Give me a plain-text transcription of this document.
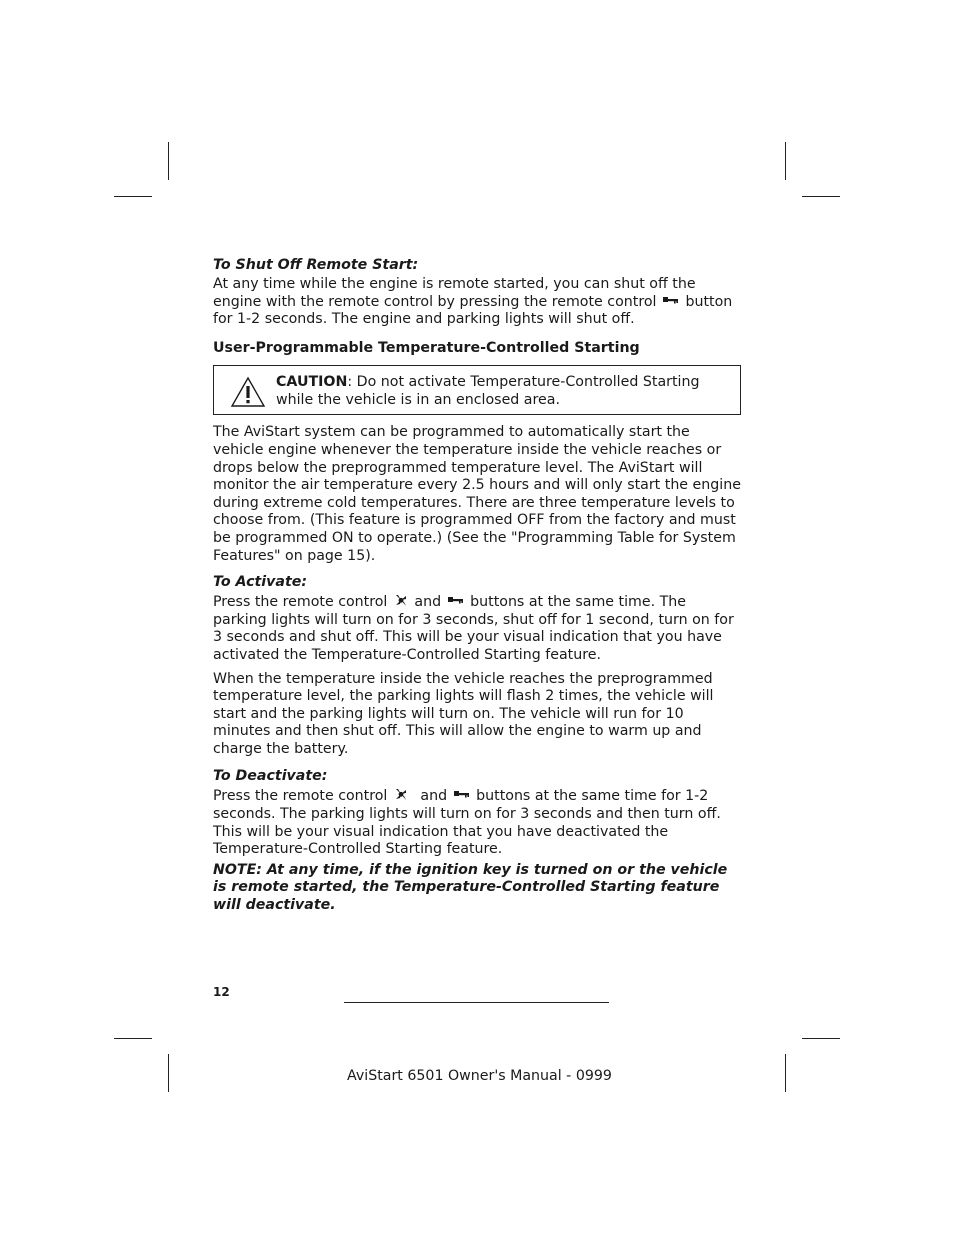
To Shut Off Remote Start:

At any time while the engine is remote started, you can shut off the engine with the remote control by pressing the remote control button for 1-2 seconds. The engine and parking lights will shut off.

User-Programmable Temperature-Controlled Starting

CAUTION: Do not activate Temperature-Controlled Starting while the vehicle is in an enclosed area.

The AviStart system can be programmed to automatically start the vehicle engine whenever the temperature inside the vehicle reaches or drops below the preprogrammed temperature level. The AviStart will monitor the air temperature every 2.5 hours and will only start the engine during extreme cold temperatures. There are three temperature levels to choose from. (This feature is programmed OFF from the factory and must be programmed ON to operate.) (See the "Programming Table for System Features" on page 15).

To Activate:

Press the remote control and buttons at the same time. The parking lights will turn on for 3 seconds, shut off for 1 second, turn on for 3 seconds and shut off. This will be your visual indication that you have activated the Temperature-Controlled Starting feature.

When the temperature inside the vehicle reaches the preprogrammed temperature level, the parking lights will flash 2 times, the vehicle will start and the parking lights will turn on. The vehicle will run for 10 minutes and then shut off. This will allow the engine to warm up and charge the battery.

To Deactivate:

Press the remote control and buttons at the same time for 1-2 seconds. The parking lights will turn on for 3 seconds and then turn off. This will be your visual indication that you have deactivated the Temperature-Controlled Starting feature.

NOTE: At any time, if the ignition key is turned on or the vehicle is remote started, the Temperature-Controlled Starting feature will deactivate.

12
AviStart 6501 Owner's Manual - 0999
